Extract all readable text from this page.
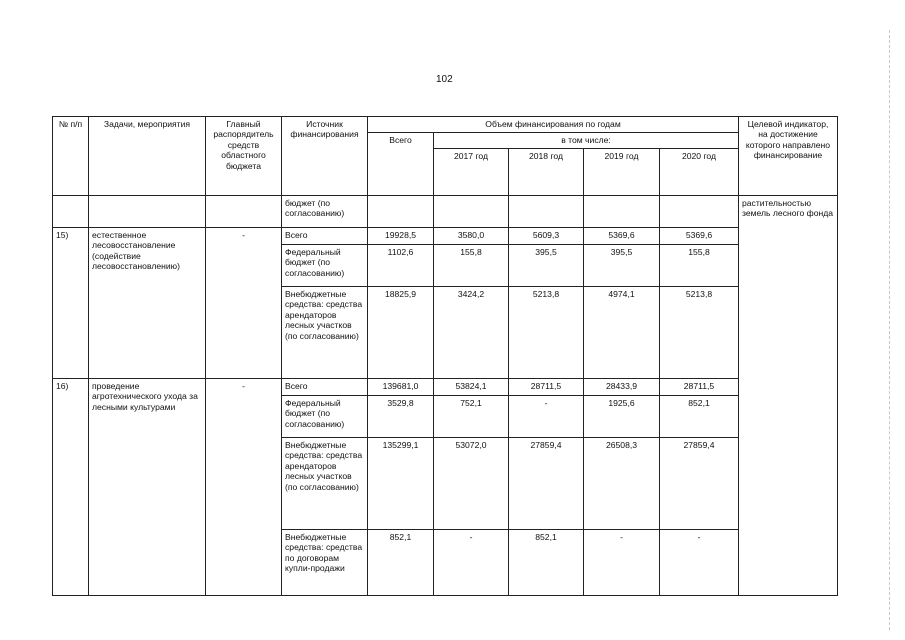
102
№ п/п	Задачи, мероприятия	Главный распорядитель средств областного бюджета	Источник финансирования	Объем финансирования по годам					Целевой индикатор, на достижение которого направлено финансирование
				Всего	в том числе:				
					2017 год	2018 год	2019 год	2020 год	
			бюджет (по согласованию)						растительностью земель лесного фонда
15)	естественное лесовосстановление (содействие лесовосстановлению)	-	Всего	19928,5	3580,0	5609,3	5369,6	5369,6	
			Федеральный бюджет (по согласованию)	1102,6	155,8	395,5	395,5	155,8	
			Внебюджетные средства: средства арендаторов лесных участков (по согласованию)	18825,9	3424,2	5213,8	4974,1	5213,8	
16)	проведение агротехнического ухода за лесными культурами	-	Всего	139681,0	53824,1	28711,5	28433,9	28711,5	
			Федеральный бюджет (по согласованию)	3529,8	752,1	-	1925,6	852,1	
			Внебюджетные средства: средства арендаторов лесных участков (по согласованию)	135299,1	53072,0	27859,4	26508,3	27859,4	
			Внебюджетные средства: средства по договорам купли-продажи	852,1	-	852,1	-	-	
